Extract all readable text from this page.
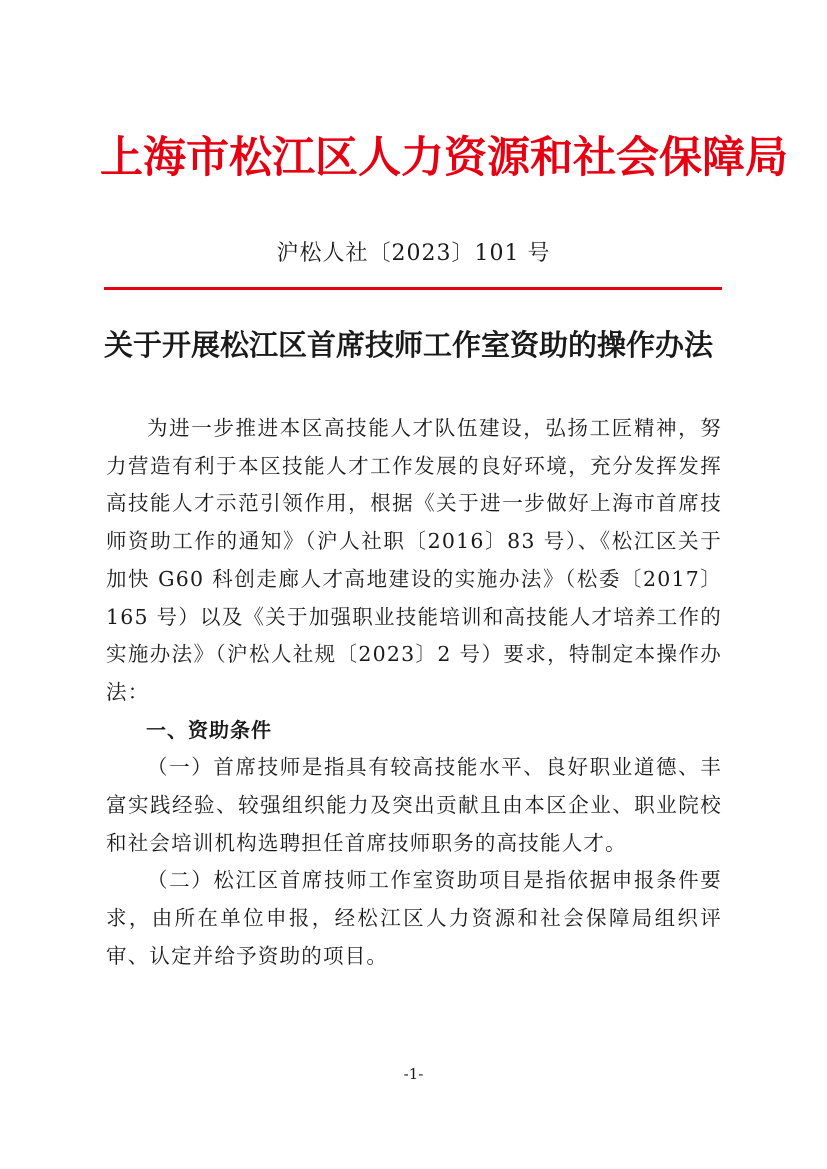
上海市松江区人力资源和社会保障局
沪松人社〔2023〕101 号
关于开展松江区首席技师工作室资助的操作办法

为进一步推进本区高技能人才队伍建设，弘扬工匠精神，努力营造有利于本区技能人才工作发展的良好环境，充分发挥发挥高技能人才示范引领作用，根据《关于进一步做好上海市首席技师资助工作的通知》（沪人社职〔2016〕83 号）、《松江区关于加快 G60 科创走廊人才高地建设的实施办法》（松委〔2017〕165 号）以及《关于加强职业技能培训和高技能人才培养工作的实施办法》（沪松人社规〔2023〕2 号）要求，特制定本操作办法：

一、资助条件

（一）首席技师是指具有较高技能水平、良好职业道德、丰富实践经验、较强组织能力及突出贡献且由本区企业、职业院校和社会培训机构选聘担任首席技师职务的高技能人才。

（二）松江区首席技师工作室资助项目是指依据申报条件要求，由所在单位申报，经松江区人力资源和社会保障局组织评审、认定并给予资助的项目。

-1-
